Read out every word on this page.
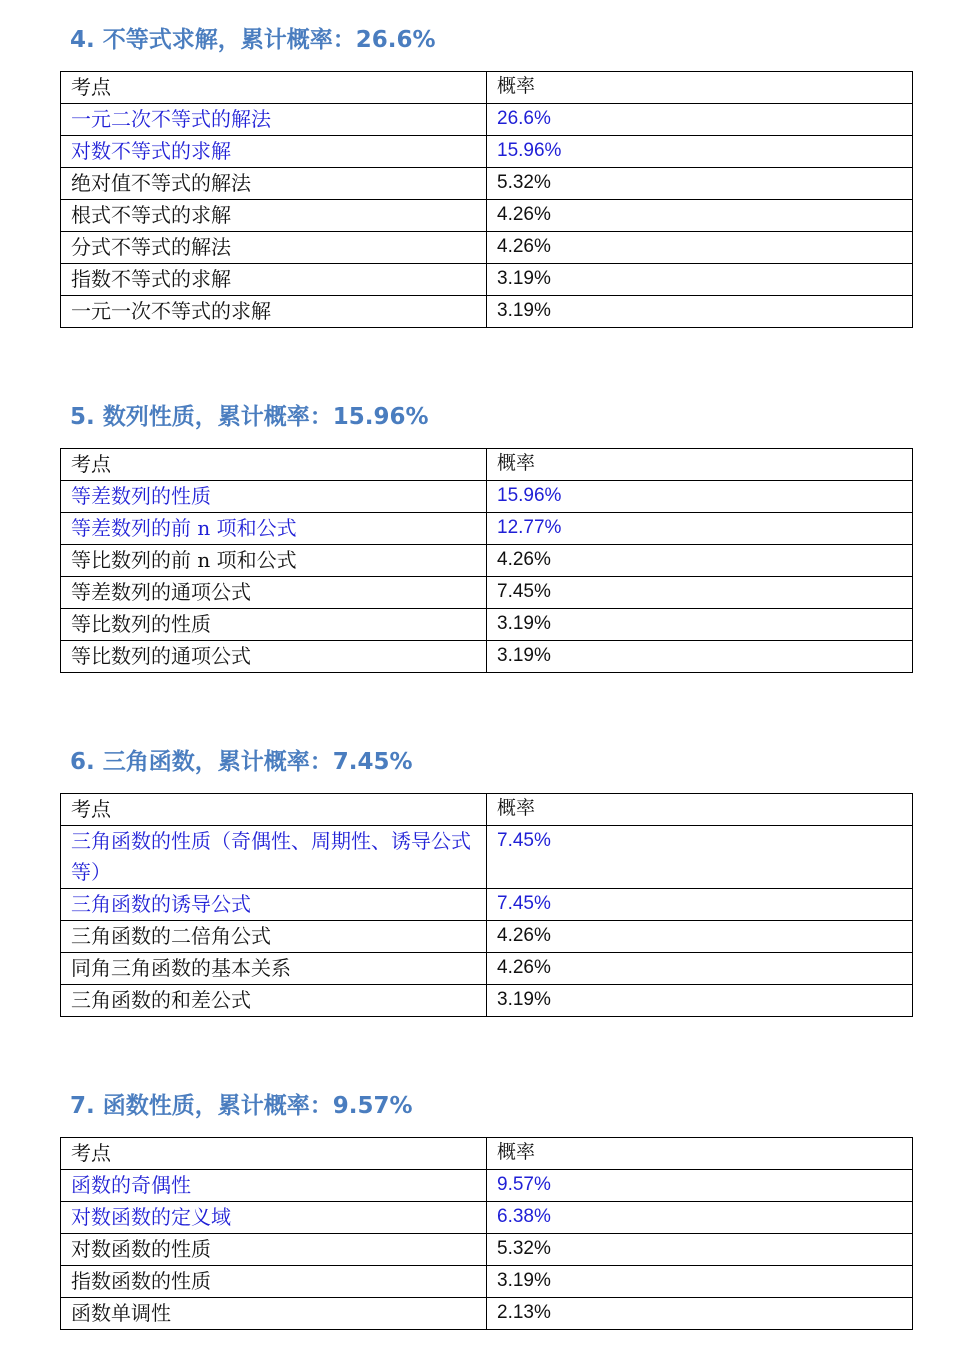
4. 不等式求解，累计概率：26.6%
考点	概率
一元二次不等式的解法	26.6%
对数不等式的求解	15.96%
绝对值不等式的解法	5.32%
根式不等式的求解	4.26%
分式不等式的解法	4.26%
指数不等式的求解	3.19%
一元一次不等式的求解	3.19%
5. 数列性质，累计概率：15.96%
考点	概率
等差数列的性质	15.96%
等差数列的前 n 项和公式	12.77%
等比数列的前 n 项和公式	4.26%
等差数列的通项公式	7.45%
等比数列的性质	3.19%
等比数列的通项公式	3.19%
6. 三角函数，累计概率：7.45%
考点	概率
三角函数的性质（奇偶性、周期性、诱导公式等）	7.45%
三角函数的诱导公式	7.45%
三角函数的二倍角公式	4.26%
同角三角函数的基本关系	4.26%
三角函数的和差公式	3.19%
7. 函数性质，累计概率：9.57%
考点	概率
函数的奇偶性	9.57%
对数函数的定义域	6.38%
对数函数的性质	5.32%
指数函数的性质	3.19%
函数单调性	2.13%
